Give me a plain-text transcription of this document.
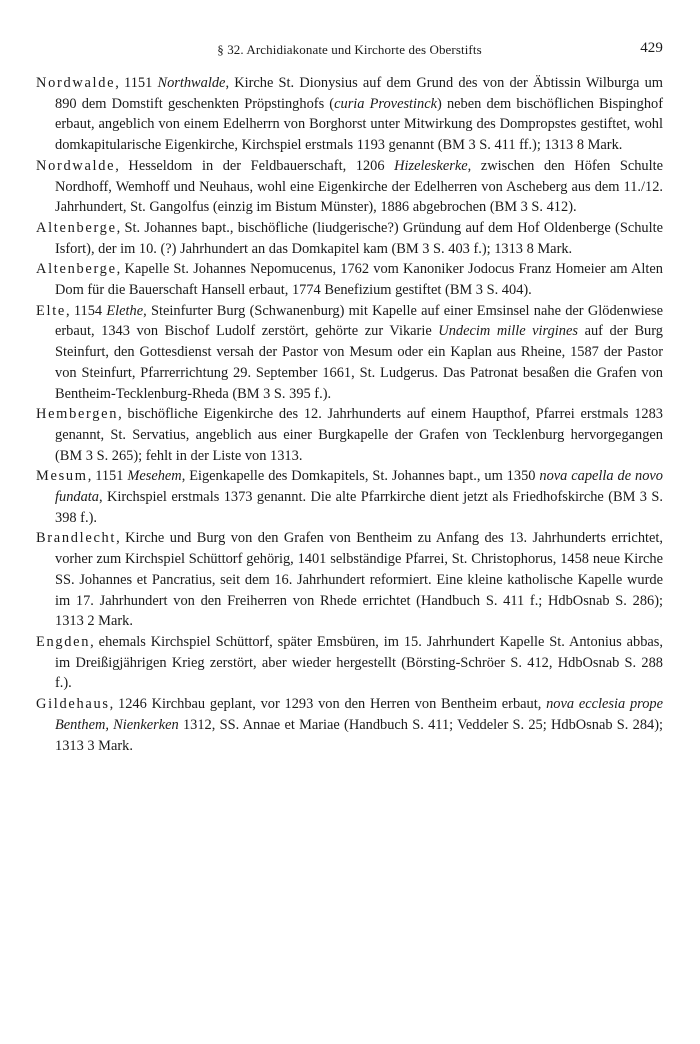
§ 32. Archidiakonate und Kirchorte des Oberstifts	429

Nordwalde, 1151 Northwalde, Kirche St. Dionysius auf dem Grund des von der Äbtissin Wilburga um 890 dem Domstift geschenkten Pröpstinghofs (curia Provestinck) neben dem bischöflichen Bispinghof erbaut, angeblich von einem Edelherrn von Borghorst unter Mitwirkung des Dompropstes gestiftet, wohl domkapitularische Eigenkirche, Kirchspiel erstmals 1193 genannt (BM 3 S. 411 ff.); 1313 8 Mark.

Nordwalde, Hesseldom in der Feldbauerschaft, 1206 Hizeleskerke, zwischen den Höfen Schulte Nordhoff, Wemhoff und Neuhaus, wohl eine Eigenkirche der Edelherren von Ascheberg aus dem 11./12. Jahrhundert, St. Gangolfus (einzig im Bistum Münster), 1886 abgebrochen (BM 3 S. 412).

Altenberge, St. Johannes bapt., bischöfliche (liudgerische?) Gründung auf dem Hof Oldenberge (Schulte Isfort), der im 10. (?) Jahrhundert an das Domkapitel kam (BM 3 S. 403 f.); 1313 8 Mark.

Altenberge, Kapelle St. Johannes Nepomucenus, 1762 vom Kanoniker Jodocus Franz Homeier am Alten Dom für die Bauerschaft Hansell erbaut, 1774 Benefizium gestiftet (BM 3 S. 404).

Elte, 1154 Elethe, Steinfurter Burg (Schwanenburg) mit Kapelle auf einer Emsinsel nahe der Glödenwiese erbaut, 1343 von Bischof Ludolf zerstört, gehörte zur Vikarie Undecim mille virgines auf der Burg Steinfurt, den Gottesdienst versah der Pastor von Mesum oder ein Kaplan aus Rheine, 1587 der Pastor von Steinfurt, Pfarrerrichtung 29. September 1661, St. Ludgerus. Das Patronat besaßen die Grafen von Bentheim-Tecklenburg-Rheda (BM 3 S. 395 f.).

Hembergen, bischöfliche Eigenkirche des 12. Jahrhunderts auf einem Haupthof, Pfarrei erstmals 1283 genannt, St. Servatius, angeblich aus einer Burgkapelle der Grafen von Tecklenburg hervorgegangen (BM 3 S. 265); fehlt in der Liste von 1313.

Mesum, 1151 Mesehem, Eigenkapelle des Domkapitels, St. Johannes bapt., um 1350 nova capella de novo fundata, Kirchspiel erstmals 1373 genannt. Die alte Pfarrkirche dient jetzt als Friedhofskirche (BM 3 S. 398 f.).

Brandlecht, Kirche und Burg von den Grafen von Bentheim zu Anfang des 13. Jahrhunderts errichtet, vorher zum Kirchspiel Schüttorf gehörig, 1401 selbständige Pfarrei, St. Christophorus, 1458 neue Kirche SS. Johannes et Pancratius, seit dem 16. Jahrhundert reformiert. Eine kleine katholische Kapelle wurde im 17. Jahrhundert von den Freiherren von Rhede errichtet (Handbuch S. 411 f.; HdbOsnab S. 286); 1313 2 Mark.

Engden, ehemals Kirchspiel Schüttorf, später Emsbüren, im 15. Jahrhundert Kapelle St. Antonius abbas, im Dreißigjährigen Krieg zerstört, aber wieder hergestellt (Börsting-Schröer S. 412, HdbOsnab S. 288 f.).

Gildehaus, 1246 Kirchbau geplant, vor 1293 von den Herren von Bentheim erbaut, nova ecclesia prope Benthem, Nienkerken 1312, SS. Annae et Mariae (Handbuch S. 411; Veddeler S. 25; HdbOsnab S. 284); 1313 3 Mark.
